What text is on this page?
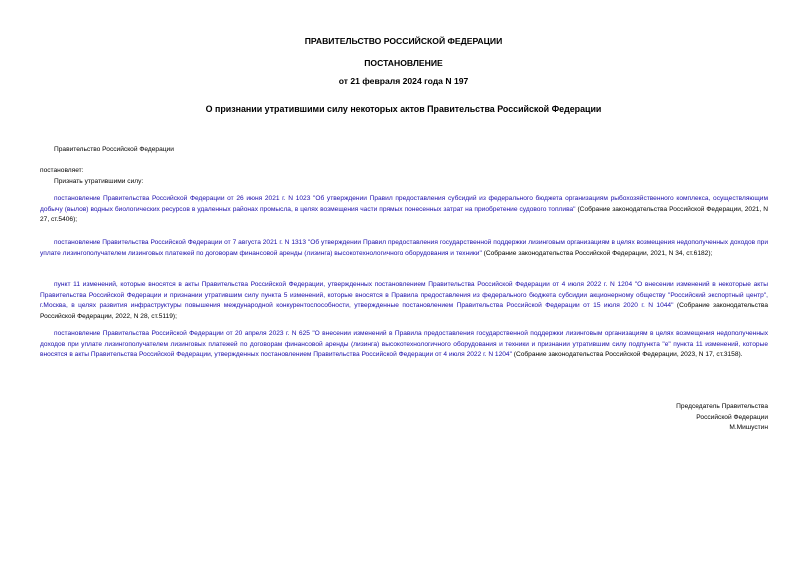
ПРАВИТЕЛЬСТВО РОССИЙСКОЙ ФЕДЕРАЦИИ
ПОСТАНОВЛЕНИЕ
от 21 февраля 2024 года N 197
О признании утратившими силу некоторых актов Правительства Российской Федерации
Правительство Российской Федерации
постановляет:
Признать утратившими силу:

постановление Правительства Российской Федерации от 26 июня 2021 г. N 1023 "Об утверждении Правил предоставления субсидий из федерального бюджета организациям рыбохозяйственного комплекса, осуществляющим добычу (вылов) водных биологических ресурсов в удаленных районах промысла, в целях возмещения части прямых понесенных затрат на приобретение судового топлива" (Собрание законодательства Российской Федерации, 2021, N 27, ст.5406);

постановление Правительства Российской Федерации от 7 августа 2021 г. N 1313 "Об утверждении Правил предоставления государственной поддержки лизинговым организациям в целях возмещения недополученных доходов при уплате лизингополучателем лизинговых платежей по договорам финансовой аренды (лизинга) высокотехнологичного оборудования и техники" (Собрание законодательства Российской Федерации, 2021, N 34, ст.6182);

пункт 11 изменений, которые вносятся в акты Правительства Российской Федерации, утвержденных постановлением Правительства Российской Федерации от 4 июля 2022 г. N 1204 "О внесении изменений в некоторые акты Правительства Российской Федерации и признании утратившим силу пункта 5 изменений, которые вносятся в Правила предоставления из федерального бюджета субсидии акционерному обществу "Российский экспортный центр", г.Москва, в целях развития инфраструктуры повышения международной конкурентоспособности, утвержденные постановлением Правительства Российской Федерации от 15 июля 2020 г. N 1044" (Собрание законодательства Российской Федерации, 2022, N 28, ст.5119);

постановление Правительства Российской Федерации от 20 апреля 2023 г. N 625 "О внесении изменений в Правила предоставления государственной поддержки лизинговым организациям в целях возмещения недополученных доходов при уплате лизингополучателем лизинговых платежей по договорам финансовой аренды (лизинга) высокотехнологичного оборудования и техники и признании утратившим силу подпункта "е" пункта 11 изменений, которые вносятся в акты Правительства Российской Федерации, утвержденных постановлением Правительства Российской Федерации от 4 июля 2022 г. N 1204" (Собрание законодательства Российской Федерации, 2023, N 17, ст.3158).

Председатель Правительства
Российской Федерации
М.Мишустин
